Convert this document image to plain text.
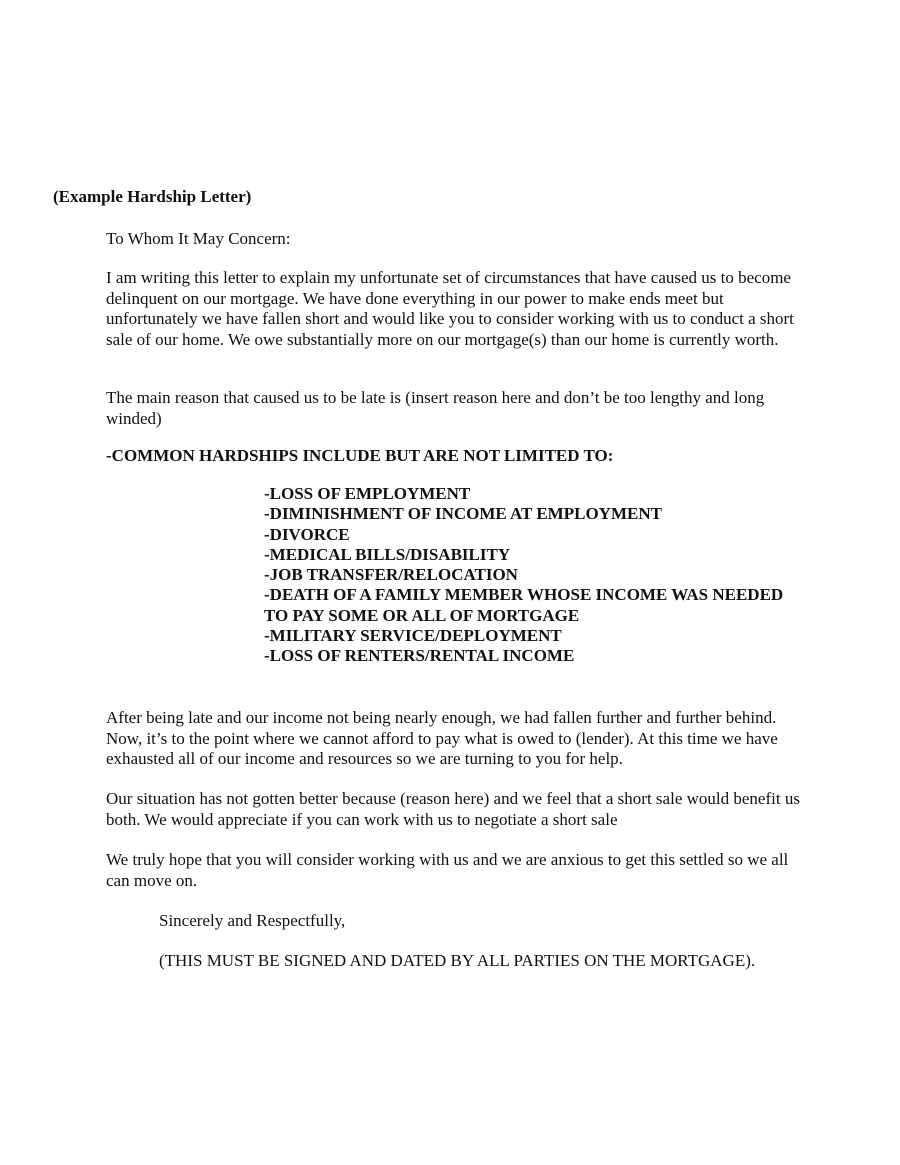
(Example Hardship Letter)

To Whom It May Concern:

I am writing this letter to explain my unfortunate set of circumstances that have caused us to become delinquent on our mortgage. We have done everything in our power to make ends meet but unfortunately we have fallen short and would like you to consider working with us to conduct a short sale of our home. We owe substantially more on our mortgage(s) than our home is currently worth.

The main reason that caused us to be late is (insert reason here and don’t be too lengthy and long winded)

-COMMON HARDSHIPS INCLUDE BUT ARE NOT LIMITED TO:

-LOSS OF EMPLOYMENT
-DIMINISHMENT OF INCOME AT EMPLOYMENT
-DIVORCE
-MEDICAL BILLS/DISABILITY
-JOB TRANSFER/RELOCATION
-DEATH OF A FAMILY MEMBER WHOSE INCOME WAS NEEDED TO PAY SOME OR ALL OF MORTGAGE
-MILITARY SERVICE/DEPLOYMENT
-LOSS OF RENTERS/RENTAL INCOME

After being late and our income not being nearly enough, we had fallen further and further behind. Now, it’s to the point where we cannot afford to pay what is owed to (lender). At this time we have exhausted all of our income and resources so we are turning to you for help.

Our situation has not gotten better because (reason here) and we feel that a short sale would benefit us both. We would appreciate if you can work with us to negotiate a short sale

We truly hope that you will consider working with us and we are anxious to get this settled so we all can move on.

Sincerely and Respectfully,

(THIS MUST BE SIGNED AND DATED BY ALL PARTIES ON THE MORTGAGE).
